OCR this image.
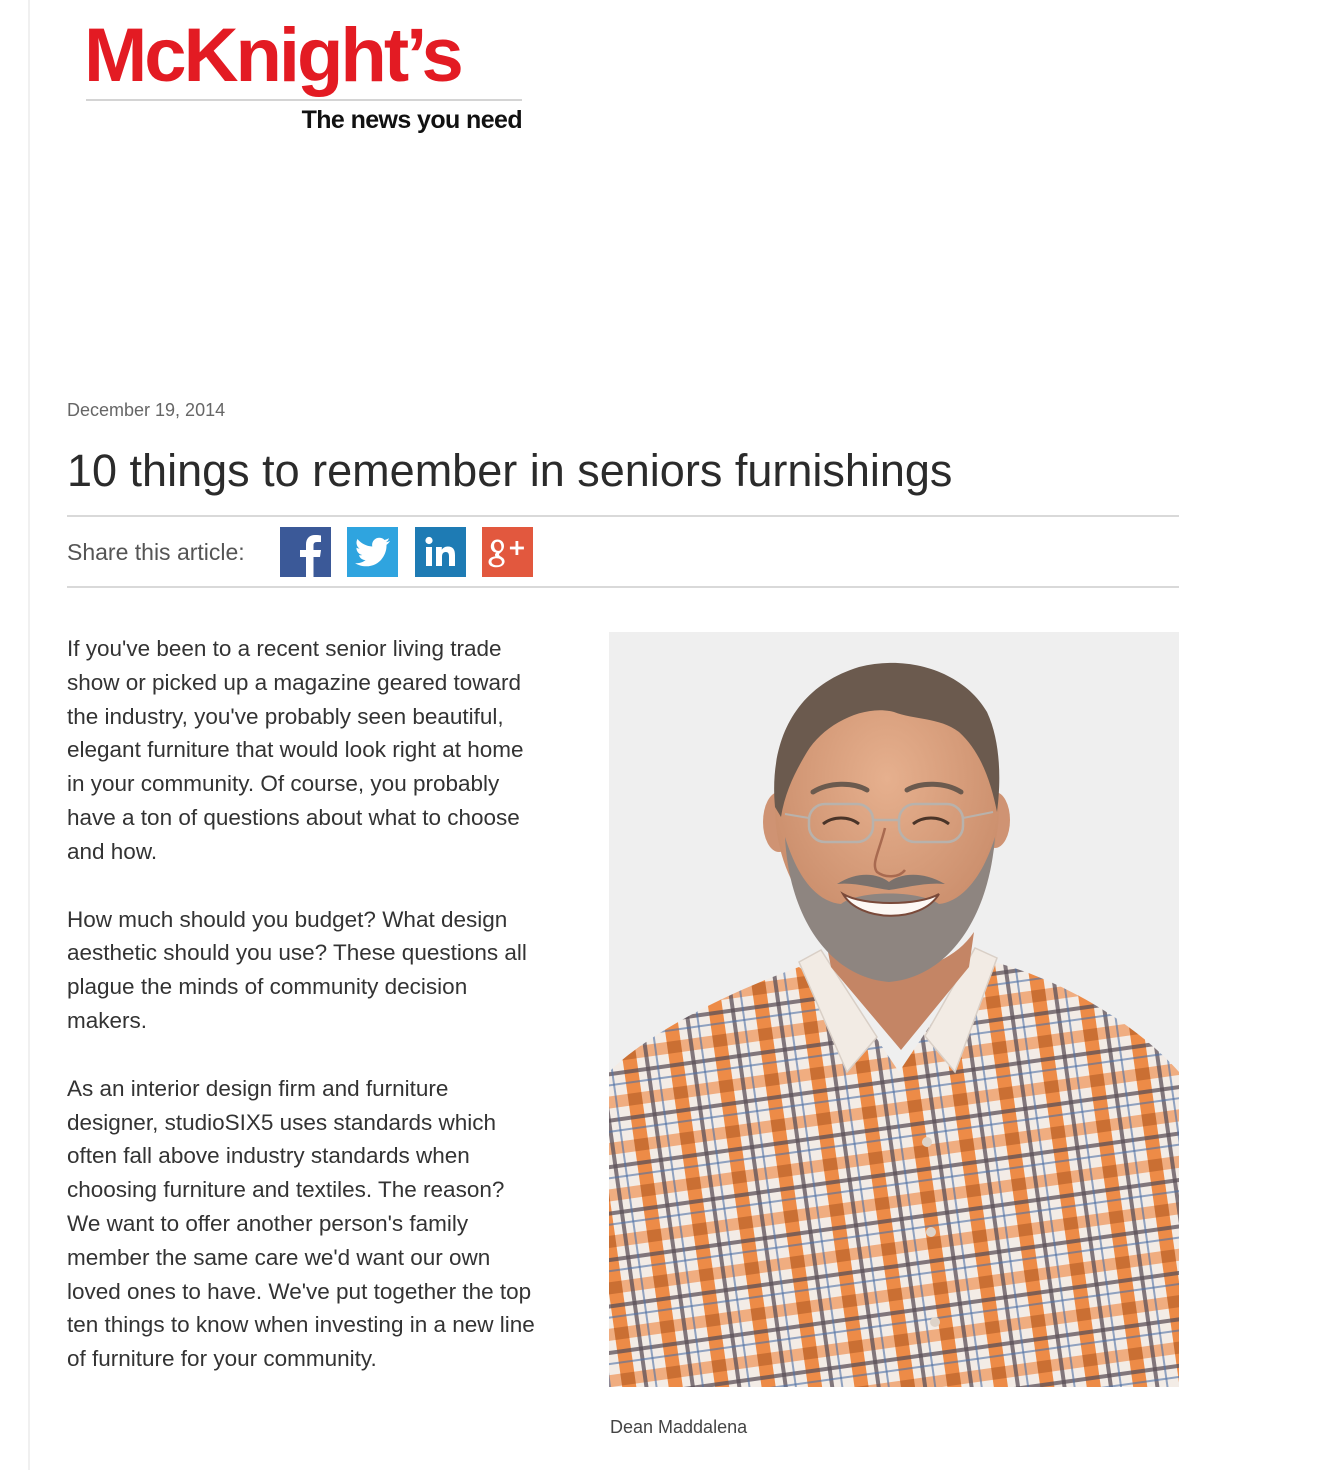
McKnight’s
The news you need
December 19, 2014
10 things to remember in seniors furnishings
Share this article:

If you've been to a recent senior living trade show or picked up a magazine geared toward the industry, you've probably seen beautiful, elegant furniture that would look right at home in your community. Of course, you probably have a ton of questions about what to choose and how.

How much should you budget? What design aesthetic should you use? These questions all plague the minds of community decision makers.

As an interior design firm and furniture designer, studioSIX5 uses standards which often fall above industry standards when choosing furniture and textiles. The reason? We want to offer another person's family member the same care we'd want our own loved ones to have. We've put together the top ten things to know when investing in a new line of furniture for your community.

Dean Maddalena
